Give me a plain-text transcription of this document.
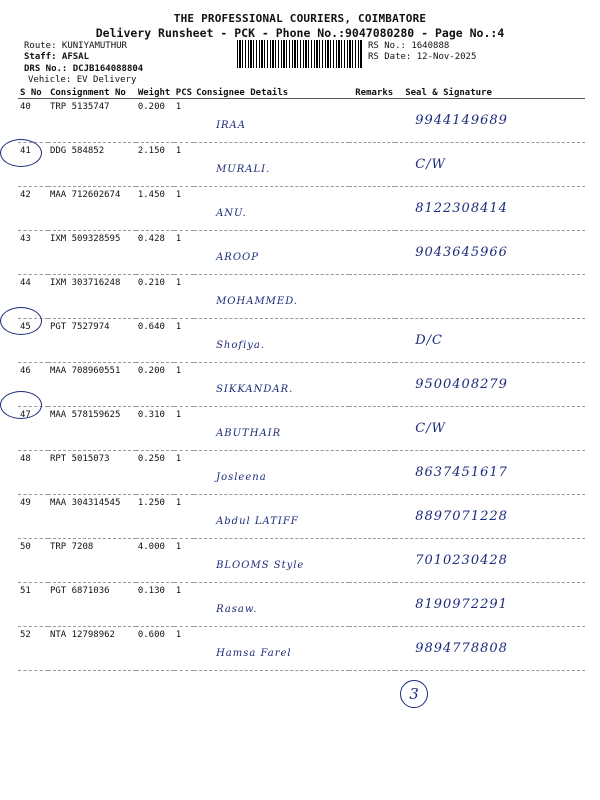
THE PROFESSIONAL COURIERS, COIMBATORE
Delivery Runsheet - PCK - Phone No.:9047080280 - Page No.:4
Route: KUNIYAMUTHUR
Staff: AFSAL
DRS No.: DCJB164088804
Vehicle: EV Delivery
RS No.: 1640888
RS Date: 12-Nov-2025
S No	Consignment No	Weight	PCS	Consignee Details	Remarks	Seal & Signature
40	TRP 5135747	0.200	1	IRAA		9944149689

41	DDG 584852	2.150	1	MURALI.		C/W

42	MAA 712602674	1.450	1	ANU.		8122308414

43	IXM 509328595	0.428	1	AROOP		9043645966

44	IXM 303716248	0.210	1	MOHAMMED.		

45	PGT 7527974	0.640	1	Shofiya.		D/C

46	MAA 708960551	0.200	1	SIKKANDAR.		9500408279

47	MAA 578159625	0.310	1	ABUTHAIR		C/W

48	RPT 5015073	0.250	1	Josleena		8637451617

49	MAA 304314545	1.250	1	Abdul LATIFF		8897071228

50	TRP 7208	4.000	1	BLOOMS Style		7010230428

51	PGT 6871036	0.130	1	Rasaw.		8190972291

52	NTA 12798962	0.600	1	Hamsa Farel		9894778808
3
